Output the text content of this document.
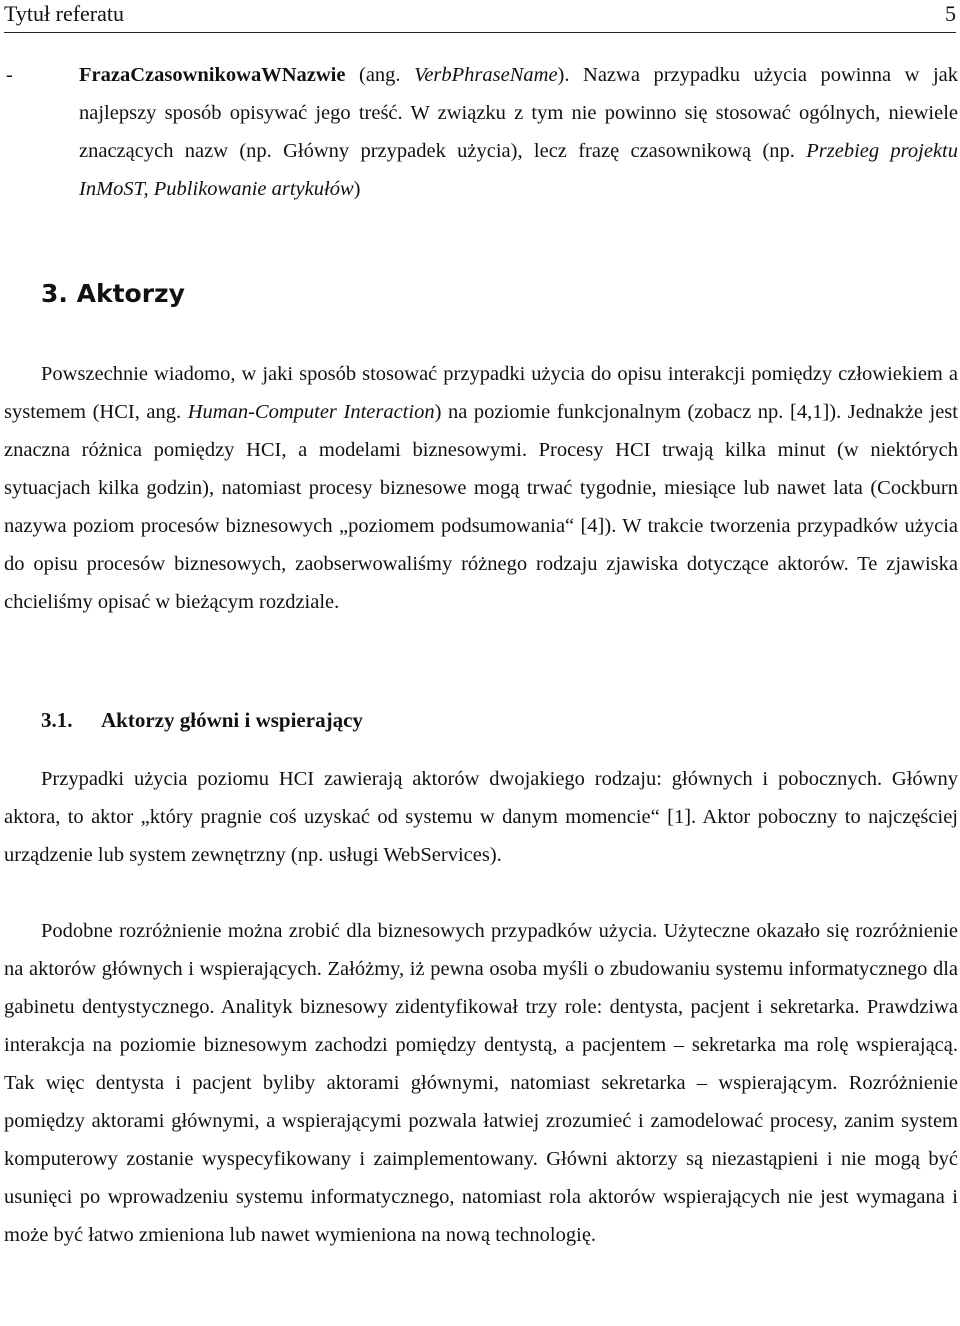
Tytuł referatu	5
-	FrazaCzasownikowaWNazwie (ang. VerbPhraseName). Nazwa przypadku użycia powinna w jak najlepszy sposób opisywać jego treść. W związku z tym nie powinno się stosować ogólnych, niewiele znaczących nazw (np. Główny przypadek użycia), lecz frazę czasownikową (np. Przebieg projektu InMoST, Publikowanie artykułów)
3. Aktorzy
Powszechnie wiadomo, w jaki sposób stosować przypadki użycia do opisu interakcji pomiędzy człowiekiem a systemem (HCI, ang. Human-Computer Interaction) na poziomie funkcjonalnym (zobacz np. [4,1]). Jednakże jest znaczna różnica pomiędzy HCI, a modelami biznesowymi. Procesy HCI trwają kilka minut (w niektórych sytuacjach kilka godzin), natomiast procesy biznesowe mogą trwać tygodnie, miesiące lub nawet lata (Cockburn nazywa poziom procesów biznesowych „poziomem podsumowania“ [4]). W trakcie tworzenia przypadków użycia do opisu procesów biznesowych, zaobserwowaliśmy różnego rodzaju zjawiska dotyczące aktorów. Te zjawiska chcieliśmy opisać w bieżącym rozdziale.
3.1. Aktorzy główni i wspierający
Przypadki użycia poziomu HCI zawierają aktorów dwojakiego rodzaju: głównych i pobocznych. Główny aktora, to aktor „który pragnie coś uzyskać od systemu w danym momencie“ [1]. Aktor poboczny to najczęściej urządzenie lub system zewnętrzny (np. usługi WebServices).
Podobne rozróżnienie można zrobić dla biznesowych przypadków użycia. Użyteczne okazało się rozróżnienie na aktorów głównych i wspierających. Załóżmy, iż pewna osoba myśli o zbudowaniu systemu informatycznego dla gabinetu dentystycznego. Analityk biznesowy zidentyfikował trzy role: dentysta, pacjent i sekretarka. Prawdziwa interakcja na poziomie biznesowym zachodzi pomiędzy dentystą, a pacjentem – sekretarka ma rolę wspierającą. Tak więc dentysta i pacjent byliby aktorami głównymi, natomiast sekretarka – wspierającym. Rozróżnienie pomiędzy aktorami głównymi, a wspierającymi pozwala łatwiej zrozumieć i zamodelować procesy, zanim system komputerowy zostanie wyspecyfikowany i zaimplementowany. Główni aktorzy są niezastąpieni i nie mogą być usunięci po wprowadzeniu systemu informatycznego, natomiast rola aktorów wspierających nie jest wymagana i może być łatwo zmieniona lub nawet wymieniona na nową technologię.
